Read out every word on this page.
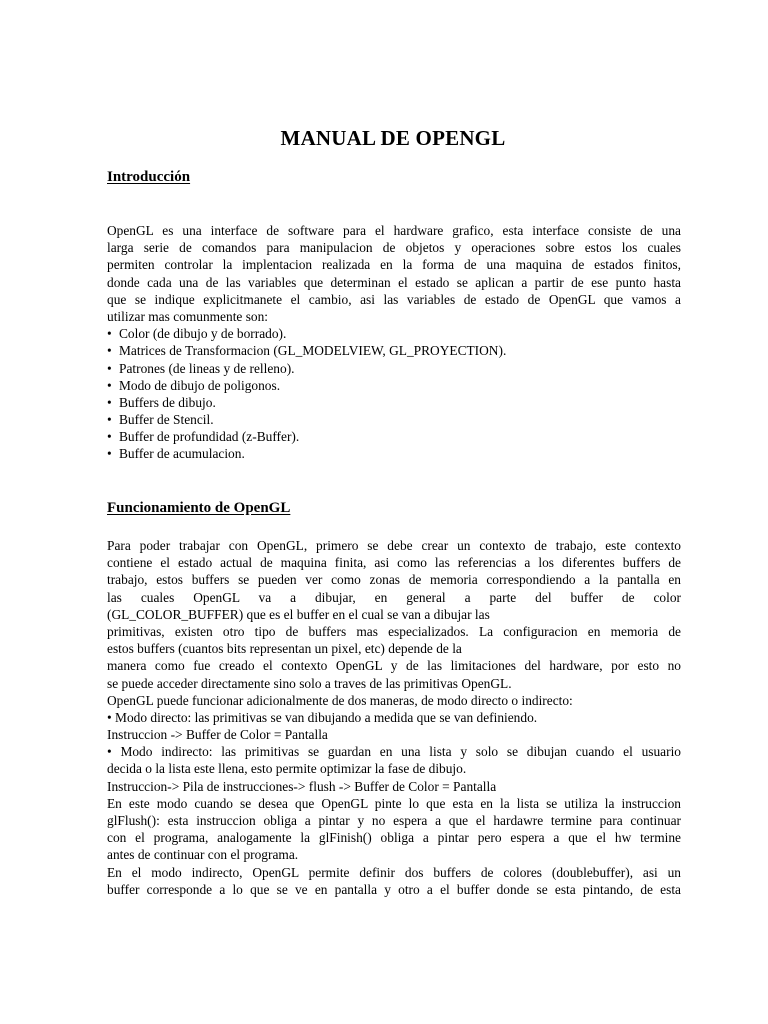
MANUAL DE OPENGL
Introducción
OpenGL es una interface de software para el hardware grafico, esta interface consiste de una
larga serie de comandos para manipulacion de objetos y operaciones sobre estos los cuales
permiten controlar la implentacion realizada en la forma de una maquina de estados finitos,
donde cada una de las variables que determinan el estado se aplican a partir de ese punto hasta
que se indique explicitmanete el cambio, asi las variables de estado de OpenGL que vamos a
utilizar mas comunmente son:
• Color (de dibujo y de borrado).
• Matrices de Transformacion (GL_MODELVIEW, GL_PROYECTION).
• Patrones (de lineas y de relleno).
• Modo de dibujo de poligonos.
• Buffers de dibujo.
• Buffer de Stencil.
• Buffer de profundidad (z-Buffer).
• Buffer de acumulacion.
Funcionamiento de OpenGL
Para poder trabajar con OpenGL, primero se debe crear un contexto de trabajo, este contexto
contiene el estado actual de maquina finita, asi como las referencias a los diferentes buffers de
trabajo, estos buffers se pueden ver como zonas de memoria correspondiendo a la pantalla en
las cuales OpenGL va a dibujar, en general a parte del buffer de color
(GL_COLOR_BUFFER) que es el buffer en el cual se van a dibujar las
primitivas, existen otro tipo de buffers mas especializados. La configuracion en memoria de
estos buffers (cuantos bits representan un pixel, etc) depende de la
manera como fue creado el contexto OpenGL y de las limitaciones del hardware, por esto no
se puede acceder directamente sino solo a traves de las primitivas OpenGL.
OpenGL puede funcionar adicionalmente de dos maneras, de modo directo o indirecto:
• Modo directo: las primitivas se van dibujando a medida que se van definiendo.
Instruccion -> Buffer de Color = Pantalla
• Modo indirecto: las primitivas se guardan en una lista y solo se dibujan cuando el usuario
decida o la lista este llena, esto permite optimizar la fase de dibujo.
Instruccion-> Pila de instrucciones-> flush -> Buffer de Color = Pantalla
En este modo cuando se desea que OpenGL pinte lo que esta en la lista se utiliza la instruccion
glFlush(): esta instruccion obliga a pintar y no espera a que el hardawre termine para continuar
con el programa, analogamente la glFinish() obliga a pintar pero espera a que el hw termine
antes de continuar con el programa.
En el modo indirecto, OpenGL permite definir dos buffers de colores (doublebuffer), asi un
buffer corresponde a lo que se ve en pantalla y otro a el buffer donde se esta pintando, de esta
